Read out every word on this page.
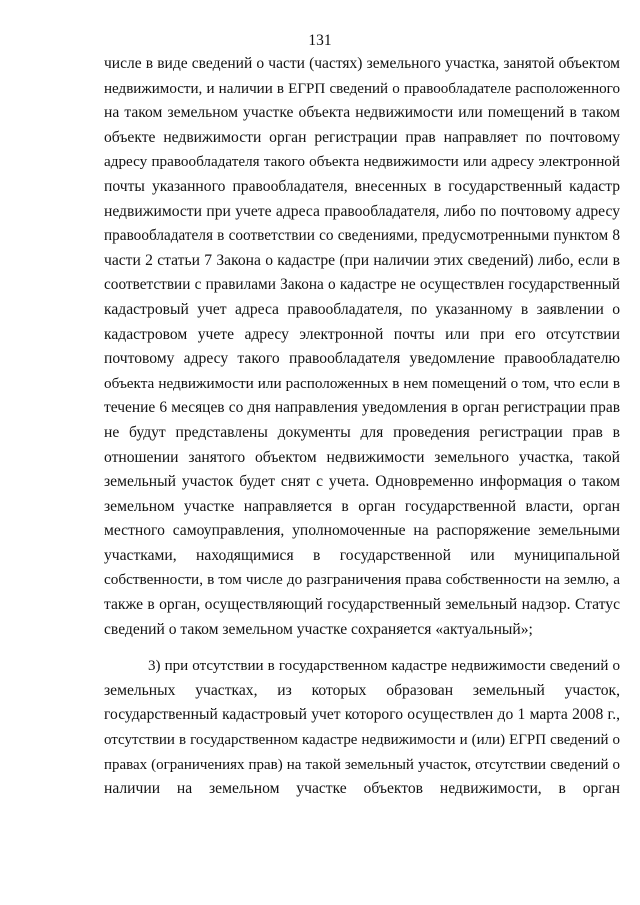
131
числе в виде сведений о части (частях) земельного участка, занятой объектом
недвижимости, и наличии в ЕГРП сведений о правообладателе расположенного
на таком земельном участке объекта недвижимости или помещений в таком
объекте недвижимости орган регистрации прав направляет по почтовому
адресу правообладателя такого объекта недвижимости или адресу электронной
почты указанного правообладателя, внесенных в государственный кадастр
недвижимости при учете адреса правообладателя, либо по почтовому адресу
правообладателя в соответствии со сведениями, предусмотренными пунктом 8
части 2 статьи 7 Закона о кадастре (при наличии этих сведений) либо, если в
соответствии с правилами Закона о кадастре не осуществлен государственный
кадастровый учет адреса правообладателя, по указанному в заявлении о
кадастровом учете адресу электронной почты или при его отсутствии
почтовому адресу такого правообладателя уведомление правообладателю
объекта недвижимости или расположенных в нем помещений о том, что если в
течение 6 месяцев со дня направления уведомления в орган регистрации прав
не будут представлены документы для проведения регистрации прав в
отношении занятого объектом недвижимости земельного участка, такой
земельный участок будет снят с учета. Одновременно информация о таком
земельном участке направляется в орган государственной власти, орган
местного самоуправления, уполномоченные на распоряжение земельными
участками, находящимися в государственной или муниципальной
собственности, в том числе до разграничения права собственности на землю, а
также в орган, осуществляющий государственный земельный надзор. Статус
сведений о таком земельном участке сохраняется «актуальный»;
3) при отсутствии в государственном кадастре недвижимости сведений о
земельных участках, из которых образован земельный участок,
государственный кадастровый учет которого осуществлен до 1 марта 2008 г.,
отсутствии в государственном кадастре недвижимости и (или) ЕГРП сведений о
правах (ограничениях прав) на такой земельный участок, отсутствии сведений о
наличии на земельном участке объектов недвижимости, в орган
